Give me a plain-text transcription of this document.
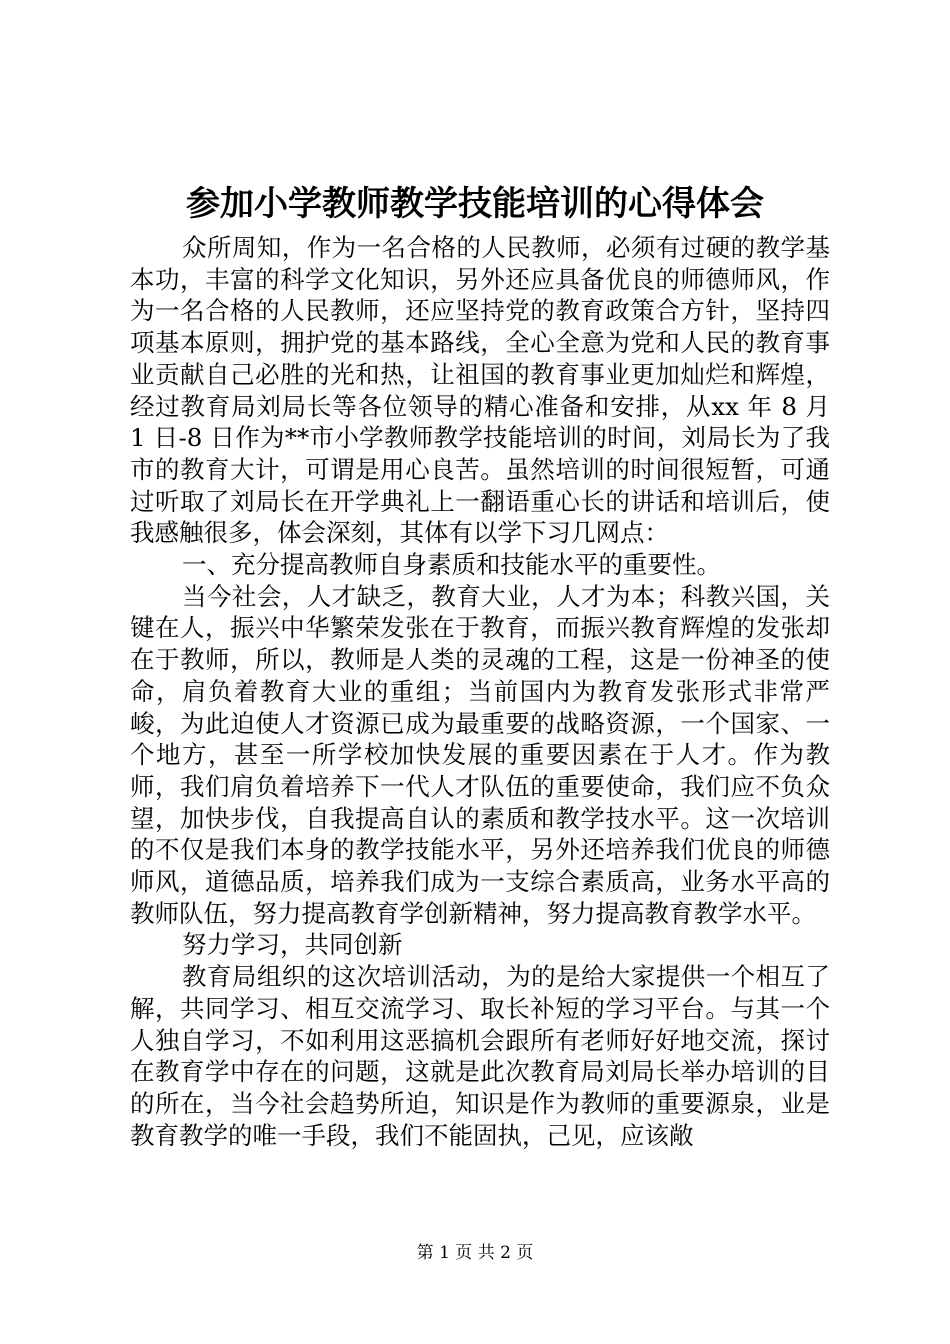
参加小学教师教学技能培训的心得体会

众所周知，作为一名合格的人民教师，必须有过硬的教学基本功，丰富的科学文化知识，另外还应具备优良的师德师风，作为一名合格的人民教师，还应坚持党的教育政策合方针，坚持四项基本原则，拥护党的基本路线，全心全意为党和人民的教育事业贡献自己必胜的光和热，让祖国的教育事业更加灿烂和辉煌，经过教育局刘局长等各位领导的精心准备和安排，从xx 年 8 月 1 日-8 日作为**市小学教师教学技能培训的时间，刘局长为了我市的教育大计，可谓是用心良苦。虽然培训的时间很短暂，可通过听取了刘局长在开学典礼上一翻语重心长的讲话和培训后，使我感触很多，体会深刻，其体有以学下习几网点：

一、充分提高教师自身素质和技能水平的重要性。

当今社会，人才缺乏，教育大业，人才为本；科教兴国，关键在人，振兴中华繁荣发张在于教育，而振兴教育辉煌的发张却在于教师，所以，教师是人类的灵魂的工程，这是一份神圣的使命，肩负着教育大业的重组；当前国内为教育发张形式非常严峻，为此迫使人才资源已成为最重要的战略资源，一个国家、一个地方，甚至一所学校加快发展的重要因素在于人才。作为教师，我们肩负着培养下一代人才队伍的重要使命，我们应不负众望，加快步伐，自我提高自认的素质和教学技水平。这一次培训的不仅是我们本身的教学技能水平，另外还培养我们优良的师德师风，道德品质，培养我们成为一支综合素质高，业务水平高的教师队伍，努力提高教育学创新精神，努力提高教育教学水平。

努力学习，共同创新

教育局组织的这次培训活动，为的是给大家提供一个相互了解，共同学习、相互交流学习、取长补短的学习平台。与其一个人独自学习，不如利用这恶搞机会跟所有老师好好地交流，探讨在教育学中存在的问题，这就是此次教育局刘局长举办培训的目的所在，当今社会趋势所迫，知识是作为教师的重要源泉，业是教育教学的唯一手段，我们不能固执，己见，应该敞

第 1 页 共 2 页
